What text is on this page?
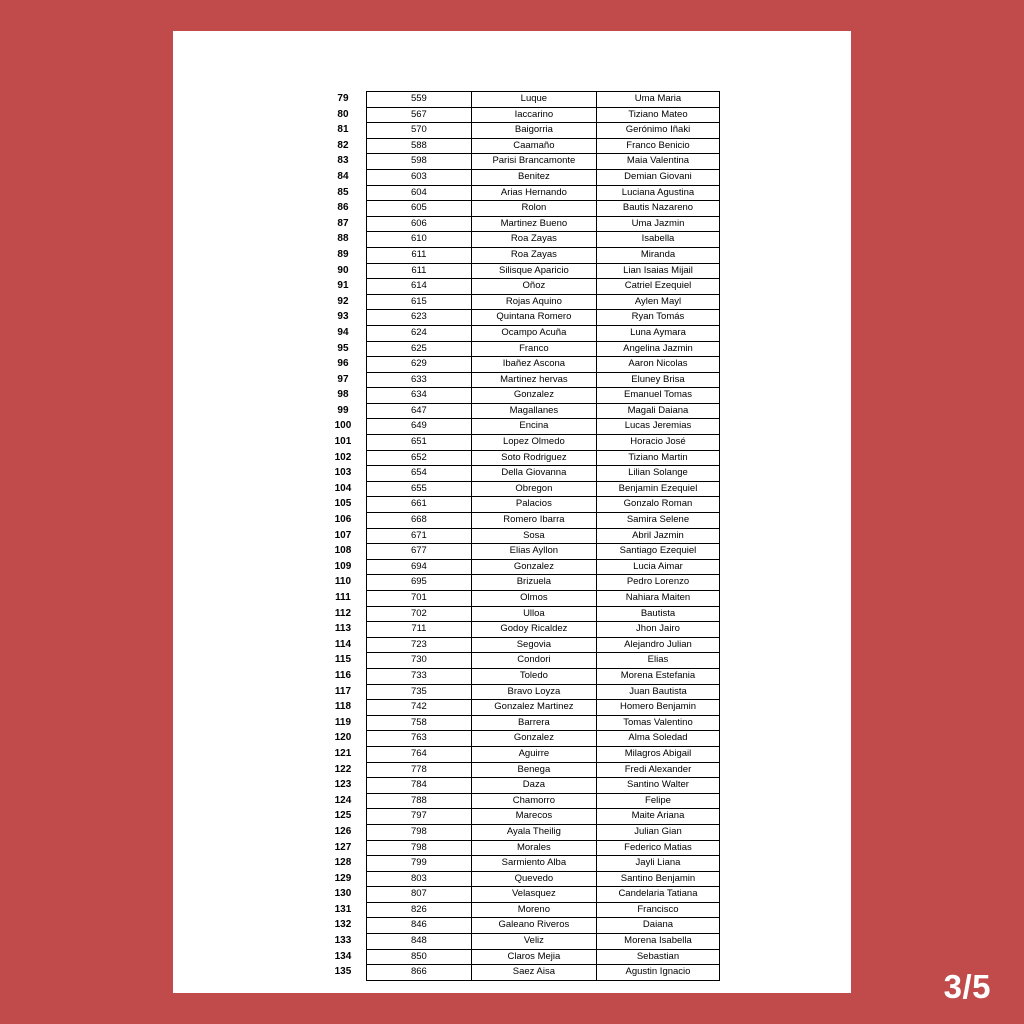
79	559	Luque	Uma Maria
80	567	Iaccarino	Tiziano Mateo
81	570	Baigorria	Gerónimo Iñaki
82	588	Caamaño	Franco Benicio
83	598	Parisi Brancamonte	Maia Valentina
84	603	Benitez	Demian Giovani
85	604	Arias Hernando	Luciana Agustina
86	605	Rolon	Bautis Nazareno
87	606	Martinez Bueno	Uma Jazmin
88	610	Roa Zayas	Isabella
89	611	Roa Zayas	Miranda
90	611	Silisque Aparicio	Lian Isaias Mijail
91	614	Oñoz	Catriel Ezequiel
92	615	Rojas Aquino	Aylen Mayl
93	623	Quintana Romero	Ryan Tomás
94	624	Ocampo Acuña	Luna Aymara
95	625	Franco	Angelina Jazmin
96	629	Ibañez Ascona	Aaron Nicolas
97	633	Martinez hervas	Eluney Brisa
98	634	Gonzalez	Emanuel Tomas
99	647	Magallanes	Magali Daiana
100	649	Encina	Lucas Jeremias
101	651	Lopez Olmedo	Horacio José
102	652	Soto Rodriguez	Tiziano Martin
103	654	Della Giovanna	Lilian Solange
104	655	Obregon	Benjamin Ezequiel
105	661	Palacios	Gonzalo Roman
106	668	Romero Ibarra	Samira Selene
107	671	Sosa	Abril Jazmin
108	677	Elias Ayllon	Santiago Ezequiel
109	694	Gonzalez	Lucia Aimar
110	695	Brizuela	Pedro Lorenzo
111	701	Olmos	Nahiara Maiten
112	702	Ulloa	Bautista
113	711	Godoy Ricaldez	Jhon Jairo
114	723	Segovia	Alejandro Julian
115	730	Condori	Elias
116	733	Toledo	Morena Estefania
117	735	Bravo Loyza	Juan Bautista
118	742	Gonzalez Martinez	Homero Benjamin
119	758	Barrera	Tomas Valentino
120	763	Gonzalez	Alma Soledad
121	764	Aguirre	Milagros Abigail
122	778	Benega	Fredi Alexander
123	784	Daza	Santino Walter
124	788	Chamorro	Felipe
125	797	Marecos	Maite Ariana
126	798	Ayala Theilig	Julian Gian
127	798	Morales	Federico Matias
128	799	Sarmiento Alba	Jayli Liana
129	803	Quevedo	Santino Benjamin
130	807	Velasquez	Candelaria Tatiana
131	826	Moreno	Francisco
132	846	Galeano Riveros	Daiana
133	848	Veliz	Morena Isabella
134	850	Claros Mejia	Sebastian
135	866	Saez Aisa	Agustin Ignacio	3/5
